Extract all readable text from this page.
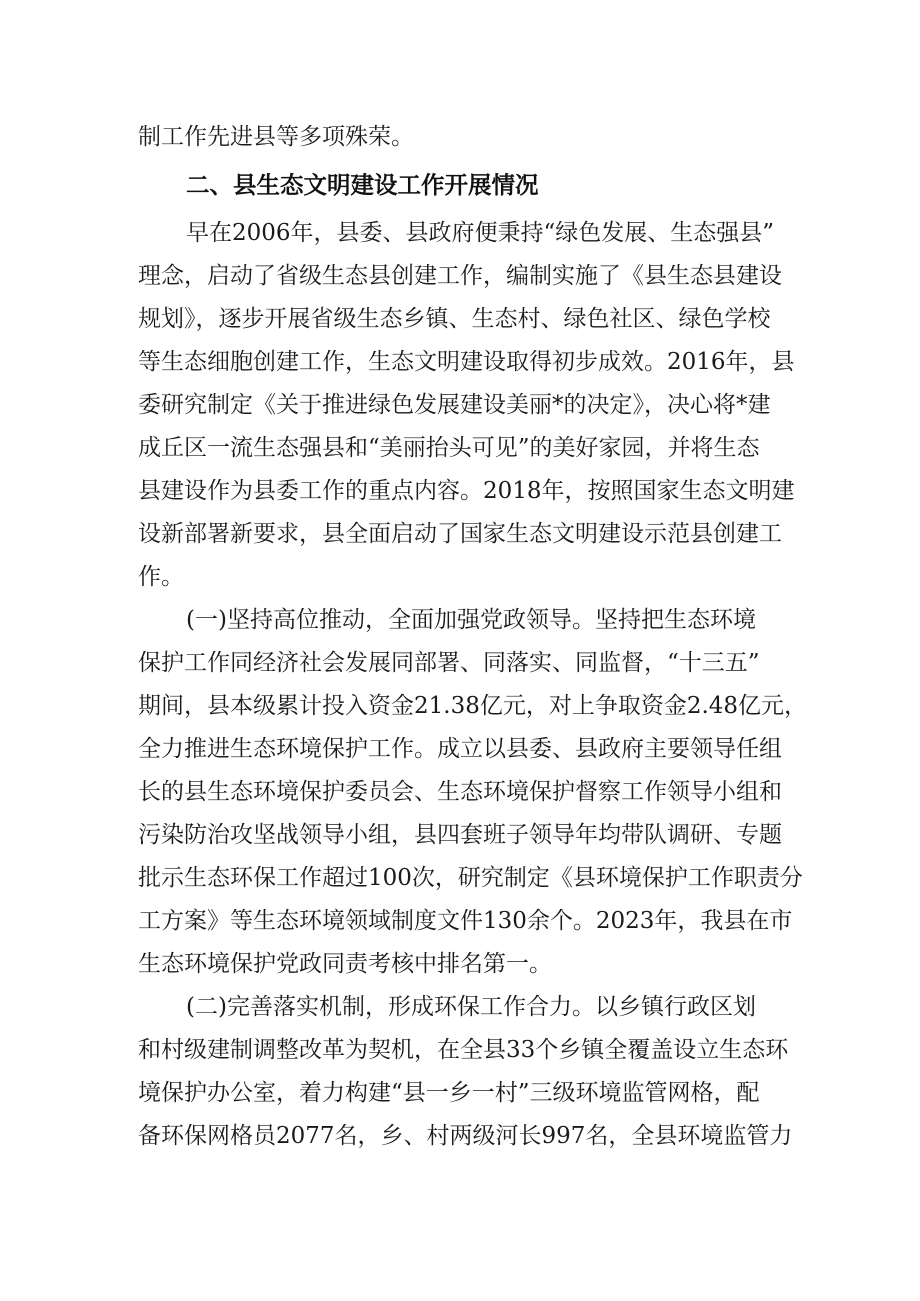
制工作先进县等多项殊荣。
二、县生态文明建设工作开展情况
早在2006年，县委、县政府便秉持“绿色发展、生态强县”
理念，启动了省级生态县创建工作，编制实施了《县生态县建设
规划》，逐步开展省级生态乡镇、生态村、绿色社区、绿色学校
等生态细胞创建工作，生态文明建设取得初步成效。2016年，县
委研究制定《关于推进绿色发展建设美丽*的决定》，决心将*建
成丘区一流生态强县和“美丽抬头可见”的美好家园，并将生态
县建设作为县委工作的重点内容。2018年，按照国家生态文明建
设新部署新要求，县全面启动了国家生态文明建设示范县创建工
作。
(一)坚持高位推动，全面加强党政领导。坚持把生态环境
保护工作同经济社会发展同部署、同落实、同监督，“十三五”
期间，县本级累计投入资金21.38亿元，对上争取资金2.48亿元，
全力推进生态环境保护工作。成立以县委、县政府主要领导任组
长的县生态环境保护委员会、生态环境保护督察工作领导小组和
污染防治攻坚战领导小组，县四套班子领导年均带队调研、专题
批示生态环保工作超过100次，研究制定《县环境保护工作职责分
工方案》等生态环境领域制度文件130余个。2023年，我县在市
生态环境保护党政同责考核中排名第一。
(二)完善落实机制，形成环保工作合力。以乡镇行政区划
和村级建制调整改革为契机，在全县33个乡镇全覆盖设立生态环
境保护办公室，着力构建“县一乡一村”三级环境监管网格，配
备环保网格员2077名，乡、村两级河长997名，全县环境监管力
